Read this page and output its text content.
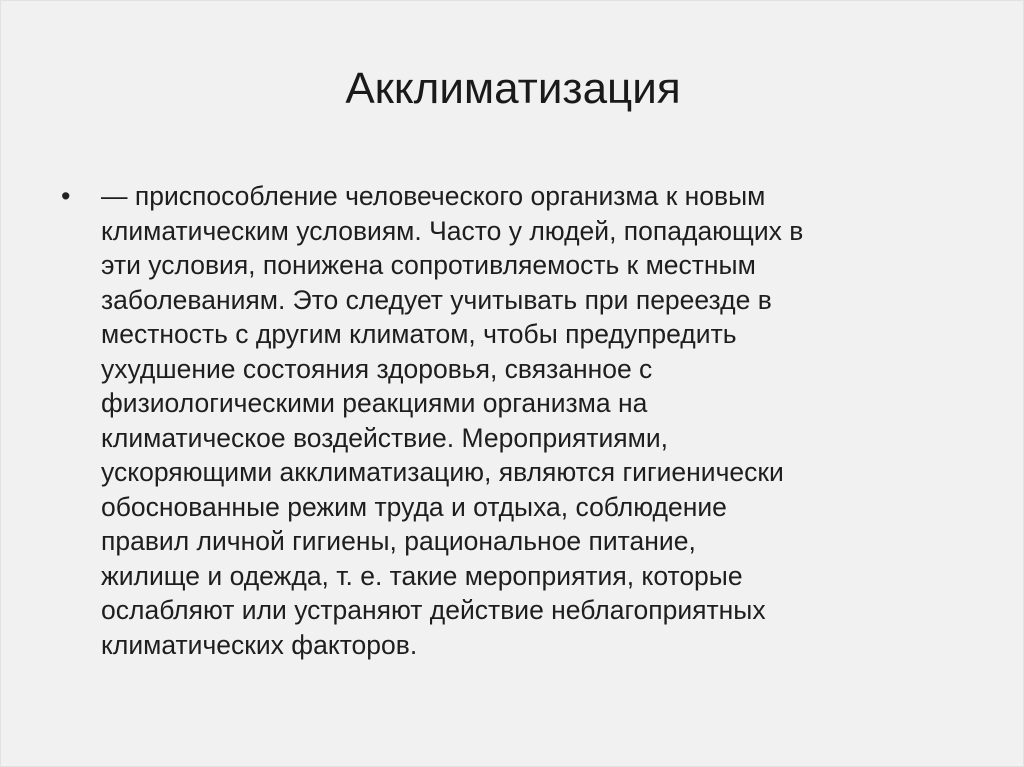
Акклиматизация
•	— приспособление человеческого организма к новым
климатическим условиям. Часто у людей, попадающих в
эти условия, понижена сопротивляемость к местным
заболеваниям. Это следует учитывать при переезде в
местность с другим климатом, чтобы предупредить
ухудшение состояния здоровья, связанное с
физиологическими реакциями организма на
климатическое воздействие. Мероприятиями,
ускоряющими акклиматизацию, являются гигиенически
обоснованные режим труда и отдыха, соблюдение
правил личной гигиены, рациональное питание,
жилище и одежда, т. е. такие мероприятия, которые
ослабляют или устраняют действие неблагоприятных
климатических факторов.
